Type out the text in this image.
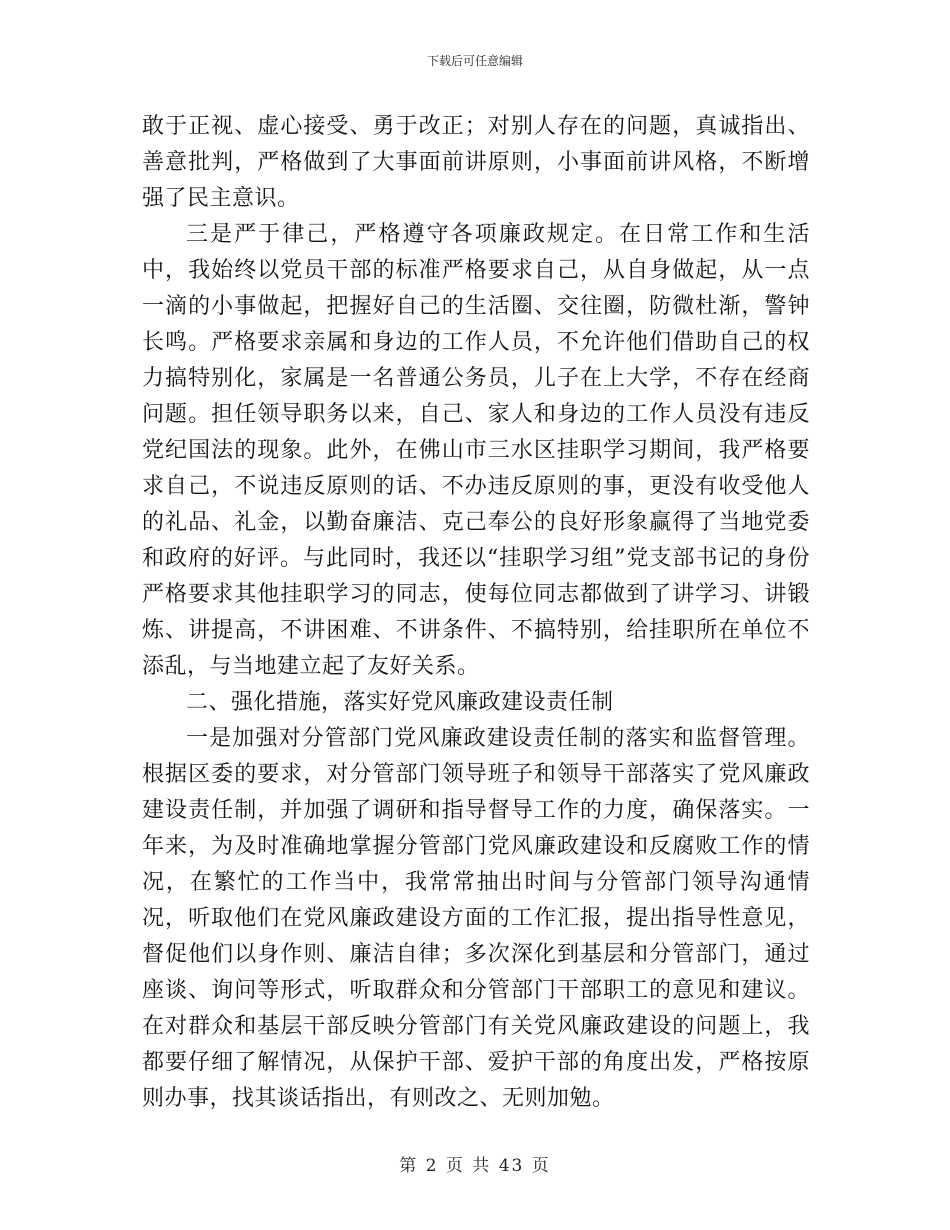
下载后可任意编辑

敢于正视、虚心接受、勇于改正；对别人存在的问题，真诚指出、善意批判，严格做到了大事面前讲原则，小事面前讲风格，不断增强了民主意识。

三是严于律己，严格遵守各项廉政规定。在日常工作和生活中，我始终以党员干部的标准严格要求自己，从自身做起，从一点一滴的小事做起，把握好自己的生活圈、交往圈，防微杜渐，警钟长鸣。严格要求亲属和身边的工作人员，不允许他们借助自己的权力搞特别化，家属是一名普通公务员，儿子在上大学，不存在经商问题。担任领导职务以来，自己、家人和身边的工作人员没有违反党纪国法的现象。此外，在佛山市三水区挂职学习期间，我严格要求自己，不说违反原则的话、不办违反原则的事，更没有收受他人的礼品、礼金，以勤奋廉洁、克己奉公的良好形象赢得了当地党委和政府的好评。与此同时，我还以“挂职学习组”党支部书记的身份严格要求其他挂职学习的同志，使每位同志都做到了讲学习、讲锻炼、讲提高，不讲困难、不讲条件、不搞特别，给挂职所在单位不添乱，与当地建立起了友好关系。

二、强化措施，落实好党风廉政建设责任制

一是加强对分管部门党风廉政建设责任制的落实和监督管理。根据区委的要求，对分管部门领导班子和领导干部落实了党风廉政建设责任制，并加强了调研和指导督导工作的力度，确保落实。一年来，为及时准确地掌握分管部门党风廉政建设和反腐败工作的情况，在繁忙的工作当中，我常常抽出时间与分管部门领导沟通情况，听取他们在党风廉政建设方面的工作汇报，提出指导性意见，督促他们以身作则、廉洁自律；多次深化到基层和分管部门，通过座谈、询问等形式，听取群众和分管部门干部职工的意见和建议。在对群众和基层干部反映分管部门有关党风廉政建设的问题上，我都要仔细了解情况，从保护干部、爱护干部的角度出发，严格按原则办事，找其谈话指出，有则改之、无则加勉。

第 2 页 共 43 页
